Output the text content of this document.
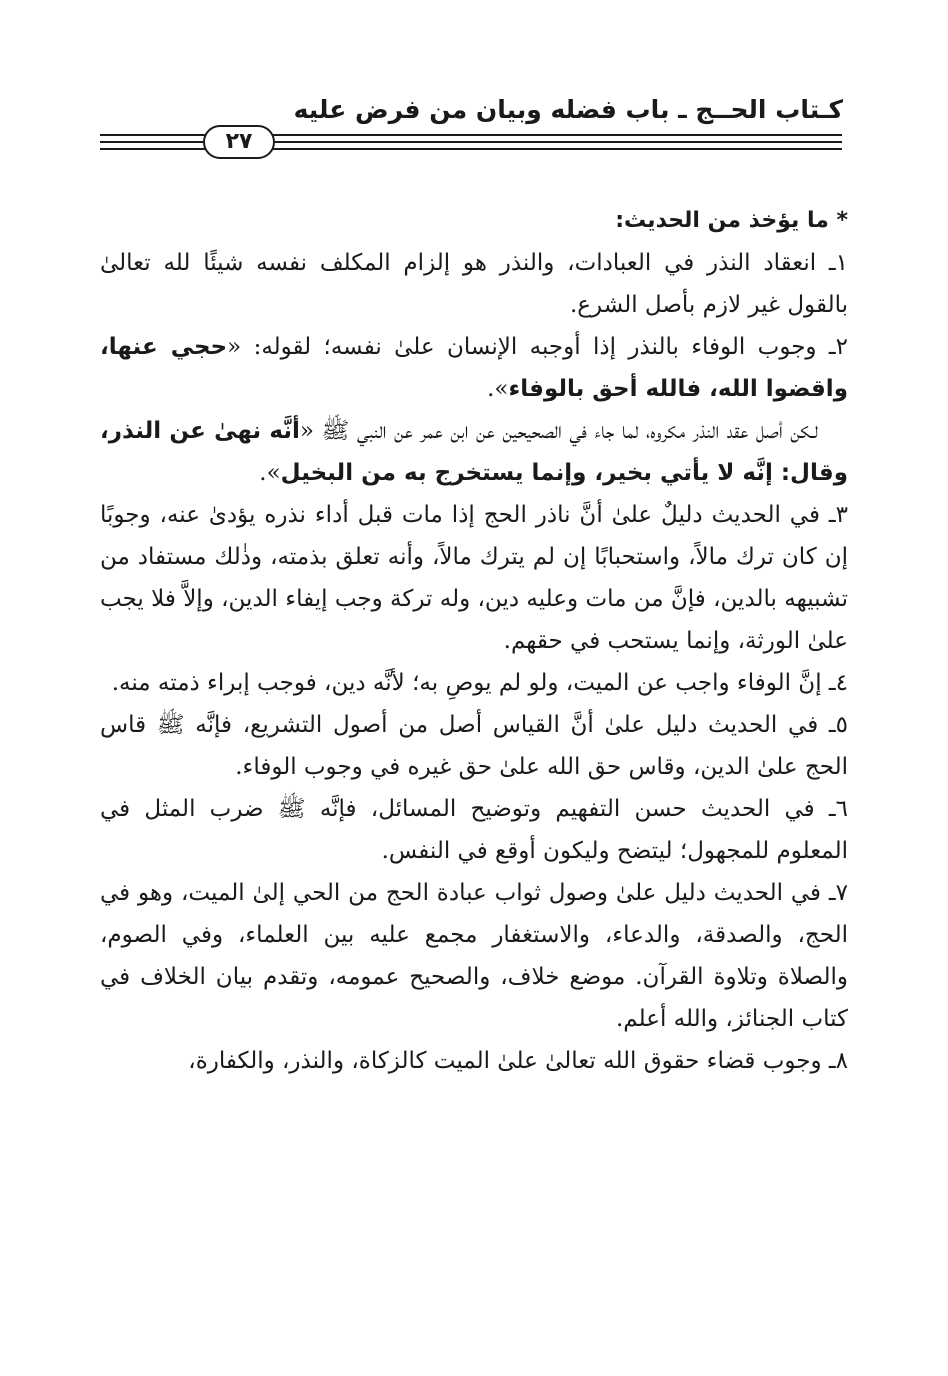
كـتاب الحــج ـ باب فضله وبيان من فرض عليه
٢٧

* ما يؤخذ من الحديث:

١ـ انعقاد النذر في العبادات، والنذر هو إلزام المكلف نفسه شيئًا لله تعالىٰ بالقول غير لازم بأصل الشرع.

٢ـ وجوب الوفاء بالنذر إذا أوجبه الإنسان علىٰ نفسه؛ لقوله: «حجي عنها، واقضوا الله، فالله أحق بالوفاء».

لـكن أصل عقد النذر مكروه، لما جاء في الصحيحين عن ابن عمر عن النبي ﷺ «أنَّه نهىٰ عن النذر، وقال: إنَّه لا يأتي بخير، وإنما يستخرج به من البخيل».

٣ـ في الحديث دليلٌ علىٰ أنَّ ناذر الحج إذا مات قبل أداء نذره يؤدىٰ عنه، وجوبًا إن كان ترك مالاً، واستحبابًا إن لم يترك مالاً، وأنه تعلق بذمته، وذٰلك مستفاد من تشبيهه بالدين، فإنَّ من مات وعليه دين، وله تركة وجب إيفاء الدين، وإلاَّ فلا يجب علىٰ الورثة، وإنما يستحب في حقهم.

٤ـ إنَّ الوفاء واجب عن الميت، ولو لم يوصِ به؛ لأنَّه دين، فوجب إبراء ذمته منه.

٥ـ في الحديث دليل علىٰ أنَّ القياس أصل من أصول التشريع، فإنَّه ﷺ قاس الحج علىٰ الدين، وقاس حق الله علىٰ حق غيره في وجوب الوفاء.

٦ـ في الحديث حسن التفهيم وتوضيح المسائل، فإنَّه ﷺ ضرب المثل في المعلوم للمجهول؛ ليتضح وليكون أوقع في النفس.

٧ـ في الحديث دليل علىٰ وصول ثواب عبادة الحج من الحي إلىٰ الميت، وهو في الحج، والصدقة، والدعاء، والاستغفار مجمع عليه بين العلماء، وفي الصوم، والصلاة وتلاوة القرآن. موضع خلاف، والصحيح عمومه، وتقدم بيان الخلاف في كتاب الجنائز، والله أعلم.

٨ـ وجوب قضاء حقوق الله تعالىٰ علىٰ الميت كالزكاة، والنذر، والكفارة،
